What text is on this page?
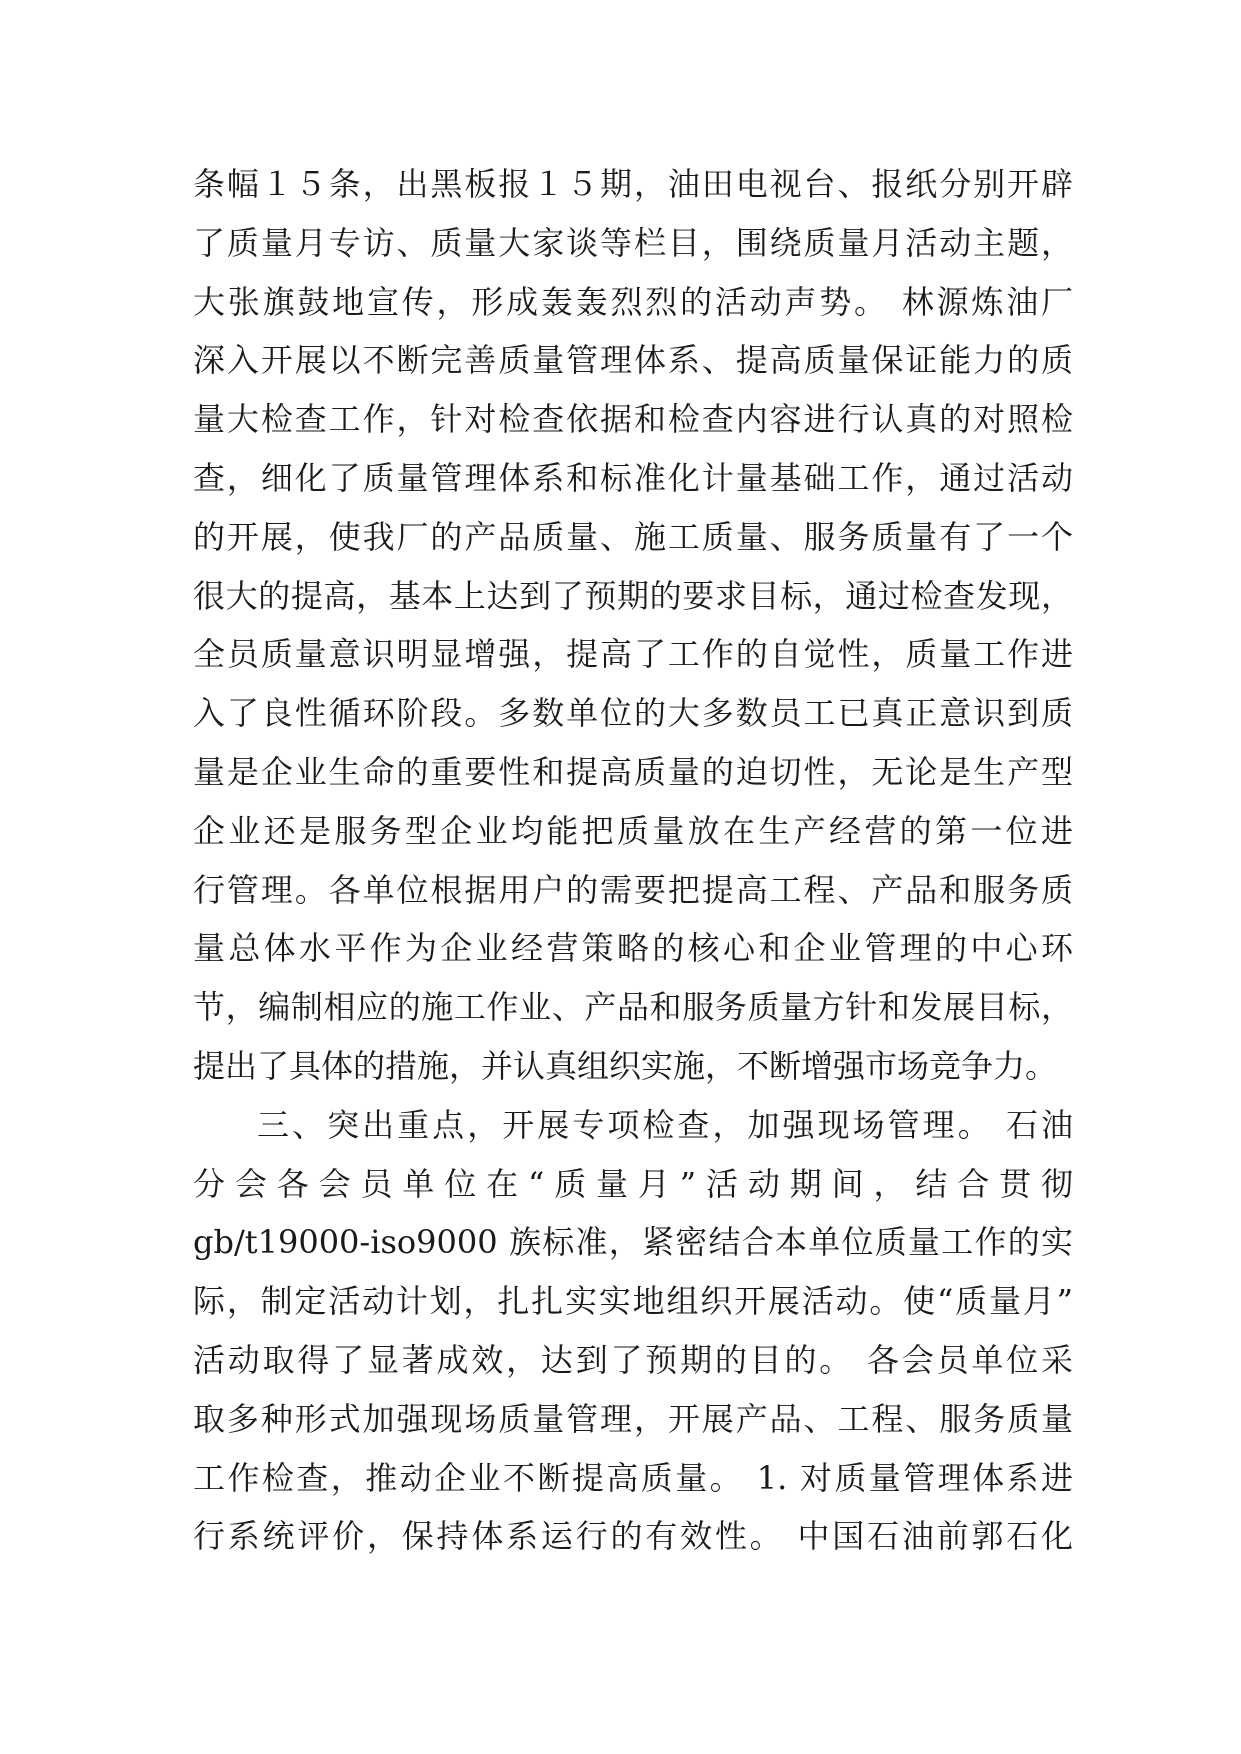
条幅１５条，出黑板报１５期，油田电视台、报纸分别开辟
了质量月专访、质量大家谈等栏目，围绕质量月活动主题，
大张旗鼓地宣传，形成轰轰烈烈的活动声势。 林源炼油厂
深入开展以不断完善质量管理体系、提高质量保证能力的质
量大检查工作，针对检查依据和检查内容进行认真的对照检
查，细化了质量管理体系和标准化计量基础工作，通过活动
的开展，使我厂的产品质量、施工质量、服务质量有了一个
很大的提高，基本上达到了预期的要求目标，通过检查发现，
全员质量意识明显增强，提高了工作的自觉性，质量工作进
入了良性循环阶段。多数单位的大多数员工已真正意识到质
量是企业生命的重要性和提高质量的迫切性，无论是生产型
企业还是服务型企业均能把质量放在生产经营的第一位进
行管理。各单位根据用户的需要把提高工程、产品和服务质
量总体水平作为企业经营策略的核心和企业管理的中心环
节，编制相应的施工作业、产品和服务质量方针和发展目标，
提出了具体的措施，并认真组织实施，不断增强市场竞争力。
三、突出重点，开展专项检查，加强现场管理。 石油
分会各会员单位在“质量月”活动期间，结合贯彻
gb/t19000-iso9000 族标准，紧密结合本单位质量工作的实
际，制定活动计划，扎扎实实地组织开展活动。使“质量月”
活动取得了显著成效，达到了预期的目的。 各会员单位采
取多种形式加强现场质量管理，开展产品、工程、服务质量
工作检查，推动企业不断提高质量。 1. 对质量管理体系进
行系统评价，保持体系运行的有效性。 中国石油前郭石化
